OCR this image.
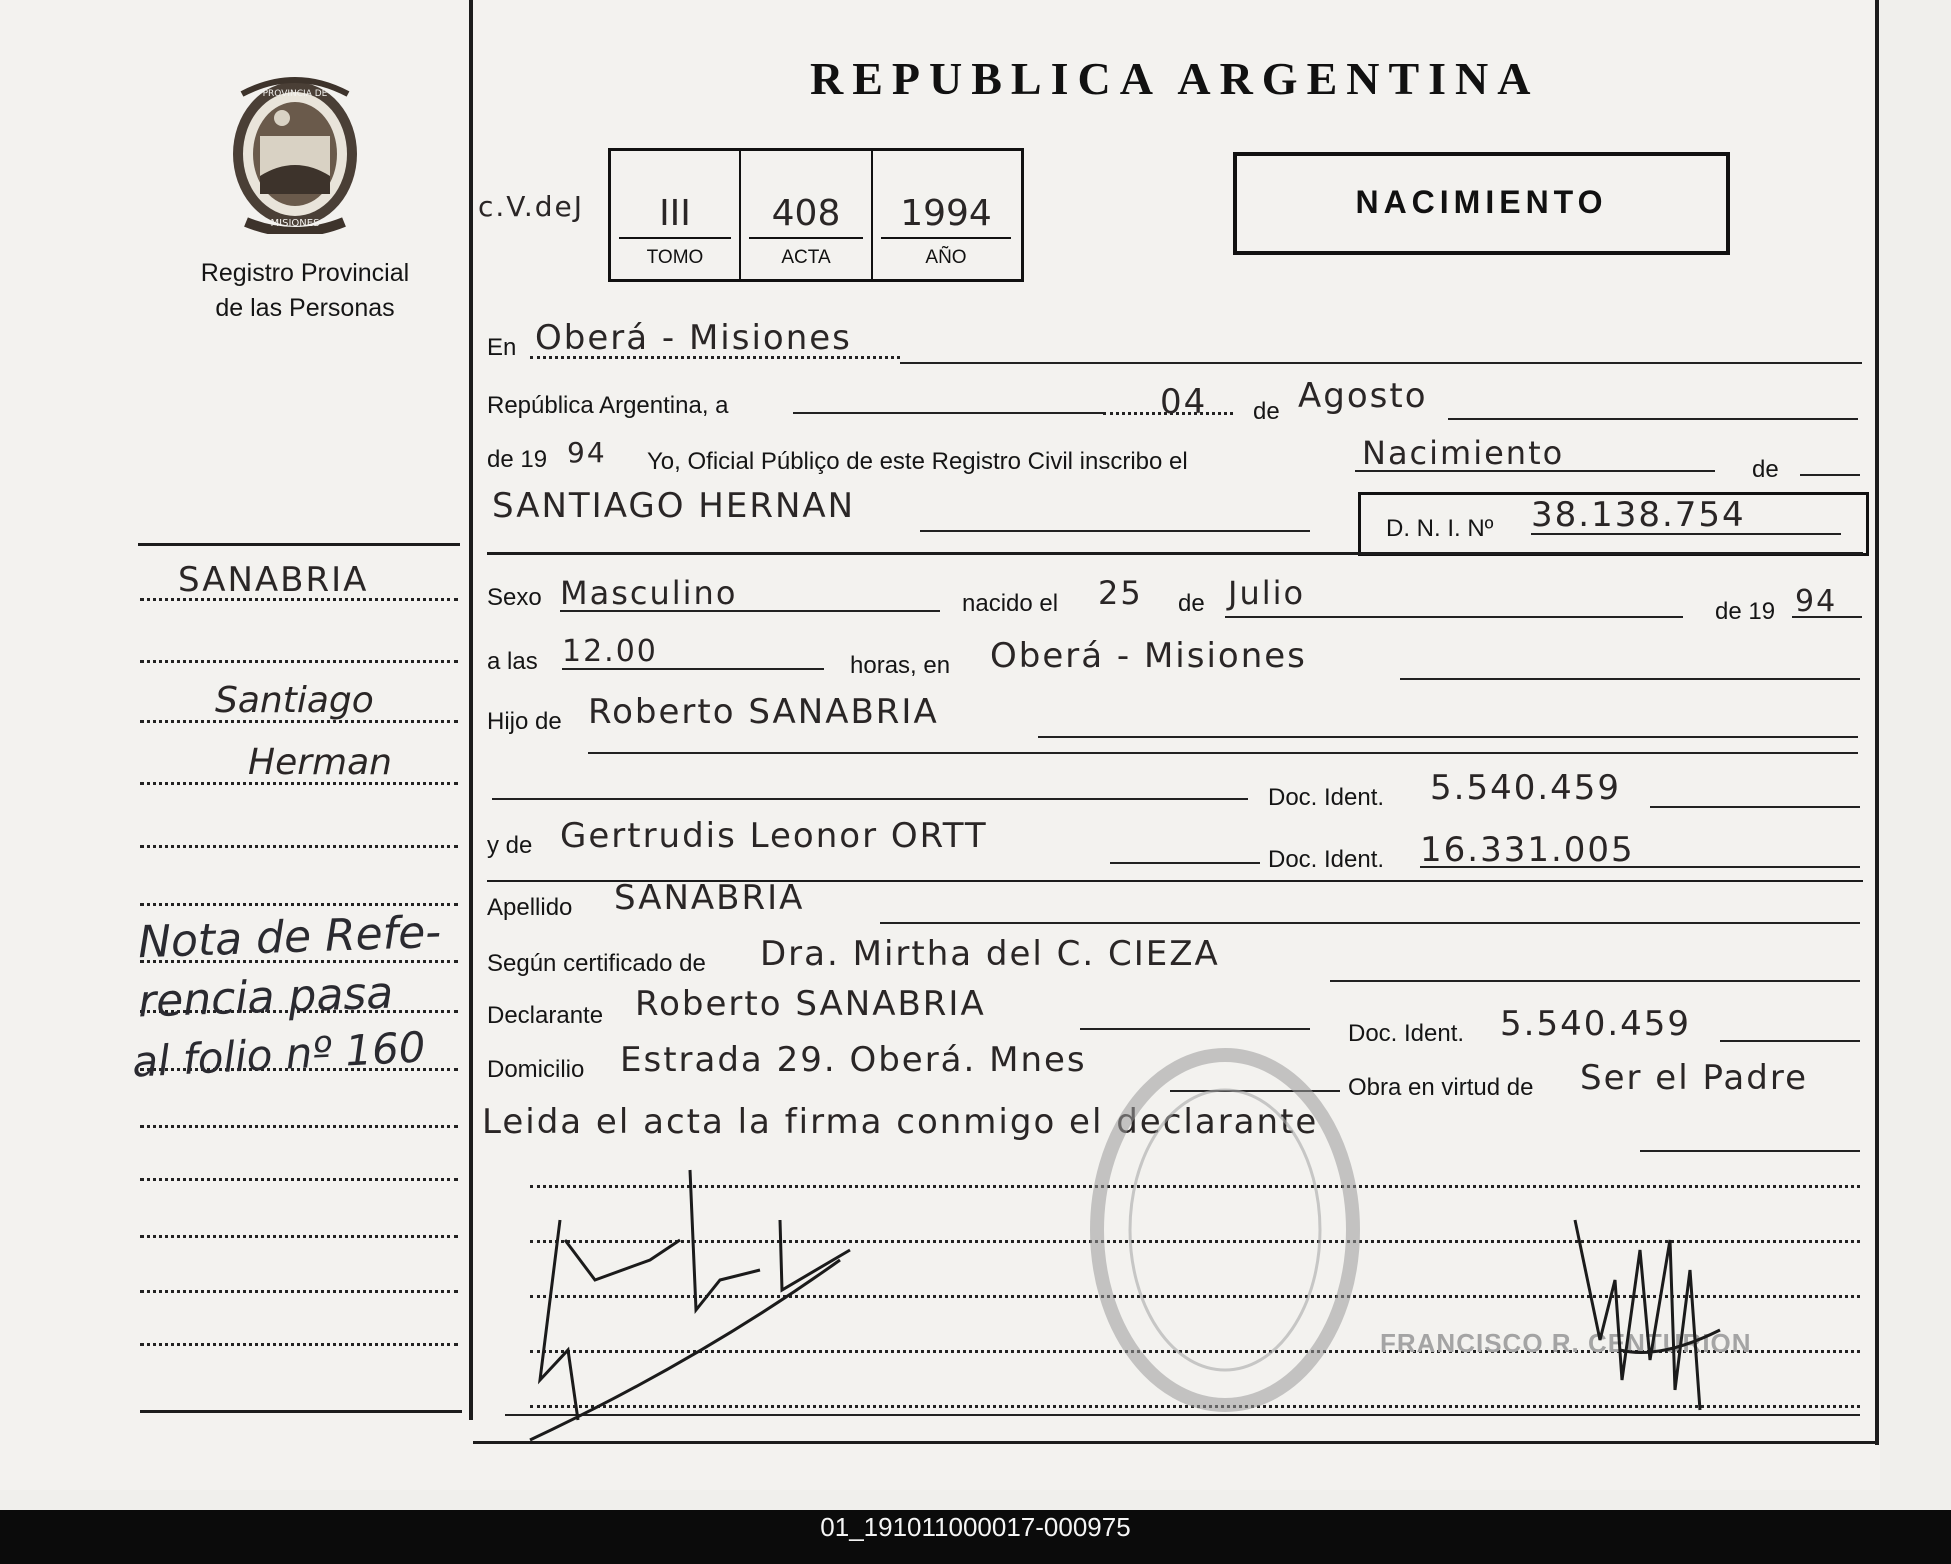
PROVINCIA DE
MISIONES
Registro Provincial
de las Personas
REPUBLICA ARGENTINA
c.V.deJ	III
TOMO
408
ACTA
1994
AÑO
NACIMIENTO
SANABRIA
Santiago
Herman
Nota de Refe-
rencia pasa
al folio nº 160
En Oberá - Misiones
República Argentina, a	04 de Agosto
de 19 94 Yo, Oficial Públiço de este Registro Civil inscribo el	Nacimiento	de
SANTIAGO HERNAN
D. N. I. Nº 38.138.754
Sexo Masculino	nacido el 25 de Julio	de 19 94
a las 12.00	horas, en Oberá - Misiones
Hijo de Roberto SANABRIA
Doc. Ident. 5.540.459
y de Gertrudis Leonor ORTT
Doc. Ident. 16.331.005
Apellido SANABRIA
Según certificado de Dra. Mirtha del C. CIEZA
Declarante Roberto SANABRIA
Doc. Ident. 5.540.459
Domicilio Estrada 29. Oberá. Mnes
Obra en virtud de Ser el Padre
Leida el acta la firma conmigo el declarante
FRANCISCO R. CENTURION
01_191011000017-000975
